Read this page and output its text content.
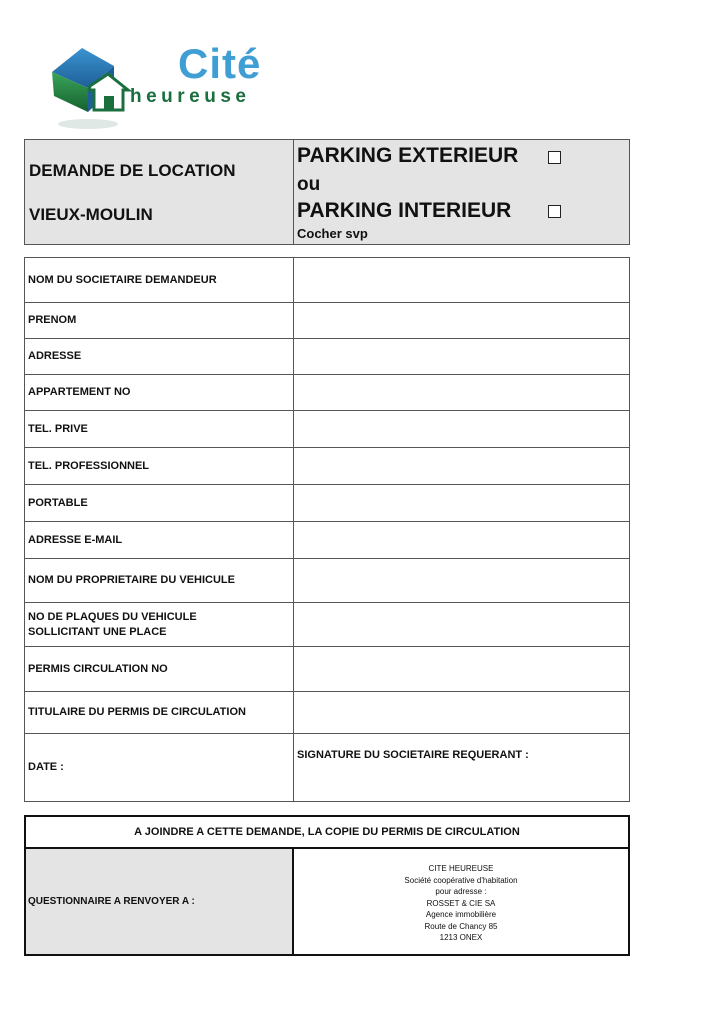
Cité
heureuse
DEMANDE DE LOCATION
VIEUX-MOULIN
PARKING EXTERIEUR
ou
PARKING INTERIEUR
Cocher svp
NOM DU SOCIETAIRE DEMANDEUR	
PRENOM	
ADRESSE	
APPARTEMENT NO	
TEL. PRIVE	
TEL. PROFESSIONNEL	
PORTABLE	
ADRESSE E-MAIL	
NOM DU PROPRIETAIRE DU VEHICULE	

NO DE PLAQUES DU VEHICULE
SOLLICITANT UNE PLACE	

PERMIS CIRCULATION NO	
TITULAIRE DU PERMIS DE CIRCULATION	
DATE :	SIGNATURE DU SOCIETAIRE REQUERANT :
A JOINDRE A CETTE DEMANDE, LA COPIE DU PERMIS DE CIRCULATION
QUESTIONNAIRE A RENVOYER A :
CITE HEUREUSE
Société coopérative d'habitation
pour adresse :
ROSSET & CIE SA
Agence immobilière
Route de Chancy 85
1213 ONEX
